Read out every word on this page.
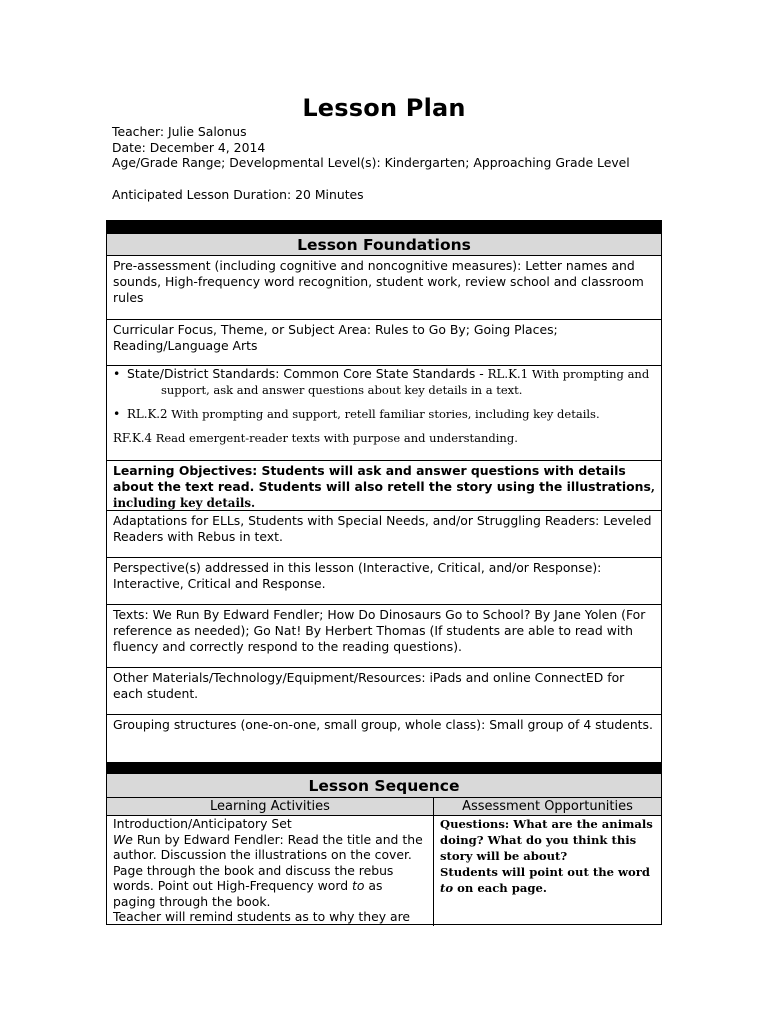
Lesson Plan
Teacher: Julie Salonus
Date: December 4, 2014
Age/Grade Range; Developmental Level(s): Kindergarten; Approaching Grade Level
Anticipated Lesson Duration: 20 Minutes
Lesson Foundations
Pre-assessment (including cognitive and noncognitive measures): Letter names and sounds, High-frequency word recognition, student work, review school and classroom rules
Curricular Focus, Theme, or Subject Area: Rules to Go By; Going Places; Reading/Language Arts
• State/District Standards: Common Core State Standards - RL.K.1 With prompting and
support, ask and answer questions about key details in a text.
• RL.K.2 With prompting and support, retell familiar stories, including key details.
RF.K.4 Read emergent-reader texts with purpose and understanding.
Learning Objectives: Students will ask and answer questions with details about the text read. Students will also retell the story using the illustrations, including key details.
Adaptations for ELLs, Students with Special Needs, and/or Struggling Readers: Leveled Readers with Rebus in text.
Perspective(s) addressed in this lesson (Interactive, Critical, and/or Response): Interactive, Critical and Response.
Texts: We Run By Edward Fendler; How Do Dinosaurs Go to School? By Jane Yolen (For reference as needed); Go Nat! By Herbert Thomas (If students are able to read with fluency and correctly respond to the reading questions).
Other Materials/Technology/Equipment/Resources: iPads and online ConnectED for each student.
Grouping structures (one-on-one, small group, whole class): Small group of 4 students.
Lesson Sequence
Learning Activities	Assessment Opportunities
Introduction/Anticipatory Set
We Run by Edward Fendler: Read the title and the author. Discussion the illustrations on the cover. Page through the book and discuss the rebus words. Point out High-Frequency word to as paging through the book.
Teacher will remind students as to why they are
Questions: What are the animals doing? What do you think this story will be about?
Students will point out the word to on each page.
